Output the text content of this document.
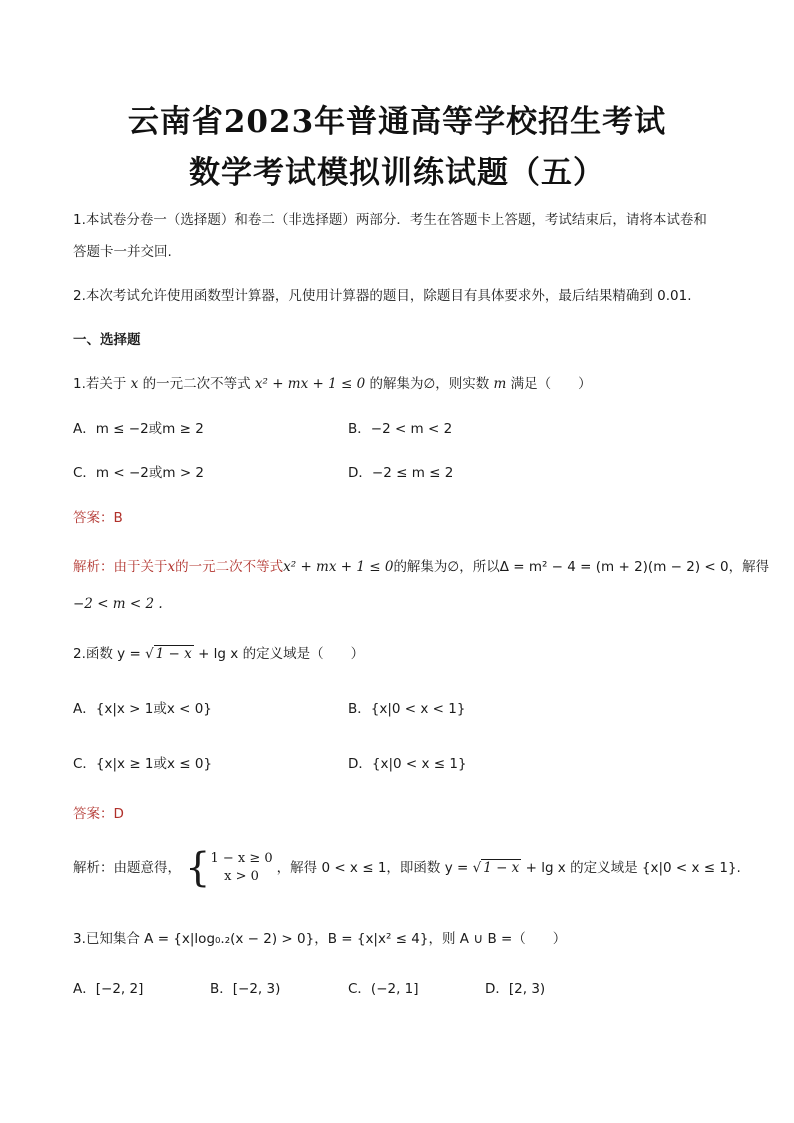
云南省2023年普通高等学校招生考试
数学考试模拟训练试题（五）
1.本试卷分卷一（选择题）和卷二（非选择题）两部分．考生在答题卡上答题，考试结束后，请将本试卷和
答题卡一并交回.
2.本次考试允许使用函数型计算器，凡使用计算器的题目，除题目有具体要求外，最后结果精确到 0.01.
一、选择题
1.若关于 x 的一元二次不等式 x² + mx + 1 ≤ 0 的解集为∅，则实数 m 满足（　　）
A．m ≤ −2或m ≥ 2	B．−2 < m < 2
C．m < −2或m > 2	D．−2 ≤ m ≤ 2
答案：B
解析：由于关于x的一元二次不等式x² + mx + 1 ≤ 0的解集为∅，所以Δ = m² − 4 = (m + 2)(m − 2) < 0，解得
−2 < m < 2 .
2.函数 y = √ 1 − x + lg x 的定义域是（　　）
A．{x|x > 1或x < 0}	B．{x|0 < x < 1}
C．{x|x ≥ 1或x ≤ 0}	D．{x|0 < x ≤ 1}
答案：D
解析：由题意得， { 1 − x ≥ 0
x > 0
，解得 0 < x ≤ 1，即函数 y = √ 1 − x + lg x 的定义域是 {x|0 < x ≤ 1}.
3.已知集合 A = {x|log₀.₂(x − 2) > 0}，B = {x|x² ≤ 4}，则 A ∪ B =（　　）
A．[−2, 2]	B．[−2, 3)	C．(−2, 1]	D．[2, 3)
